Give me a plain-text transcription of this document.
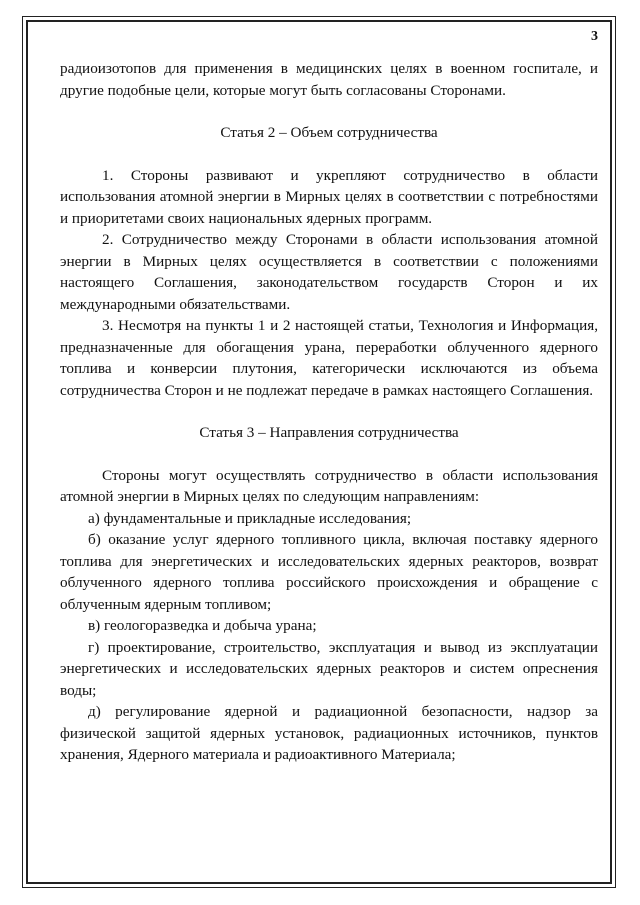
3

радиоизотопов для применения в медицинских целях в военном госпитале, и другие подобные цели, которые могут быть согласованы Сторонами.

Статья 2 – Объем сотрудничества

1. Стороны развивают и укрепляют сотрудничество в области использования атомной энергии в Мирных целях в соответствии с потребностями и приоритетами своих национальных ядерных программ.

2. Сотрудничество между Сторонами в области использования атомной энергии в Мирных целях осуществляется в соответствии с положениями настоящего Соглашения, законодательством государств Сторон и их международными обязательствами.

3. Несмотря на пункты 1 и 2 настоящей статьи, Технология и Информация, предназначенные для обогащения урана, переработки облученного ядерного топлива и конверсии плутония, категорически исключаются из объема сотрудничества Сторон и не подлежат передаче в рамках настоящего Соглашения.

Статья 3 – Направления сотрудничества

Стороны могут осуществлять сотрудничество в области использования атомной энергии в Мирных целях по следующим направлениям:

а) фундаментальные и прикладные исследования;

б) оказание услуг ядерного топливного цикла, включая поставку ядерного топлива для энергетических и исследовательских ядерных реакторов, возврат облученного ядерного топлива российского происхождения и обращение с облученным ядерным топливом;

в) геологоразведка и добыча урана;

г) проектирование, строительство, эксплуатация и вывод из эксплуатации энергетических и исследовательских ядерных реакторов и систем опреснения воды;

д) регулирование ядерной и радиационной безопасности, надзор за физической защитой ядерных установок, радиационных источников, пунктов хранения, Ядерного материала и радиоактивного Материала;
